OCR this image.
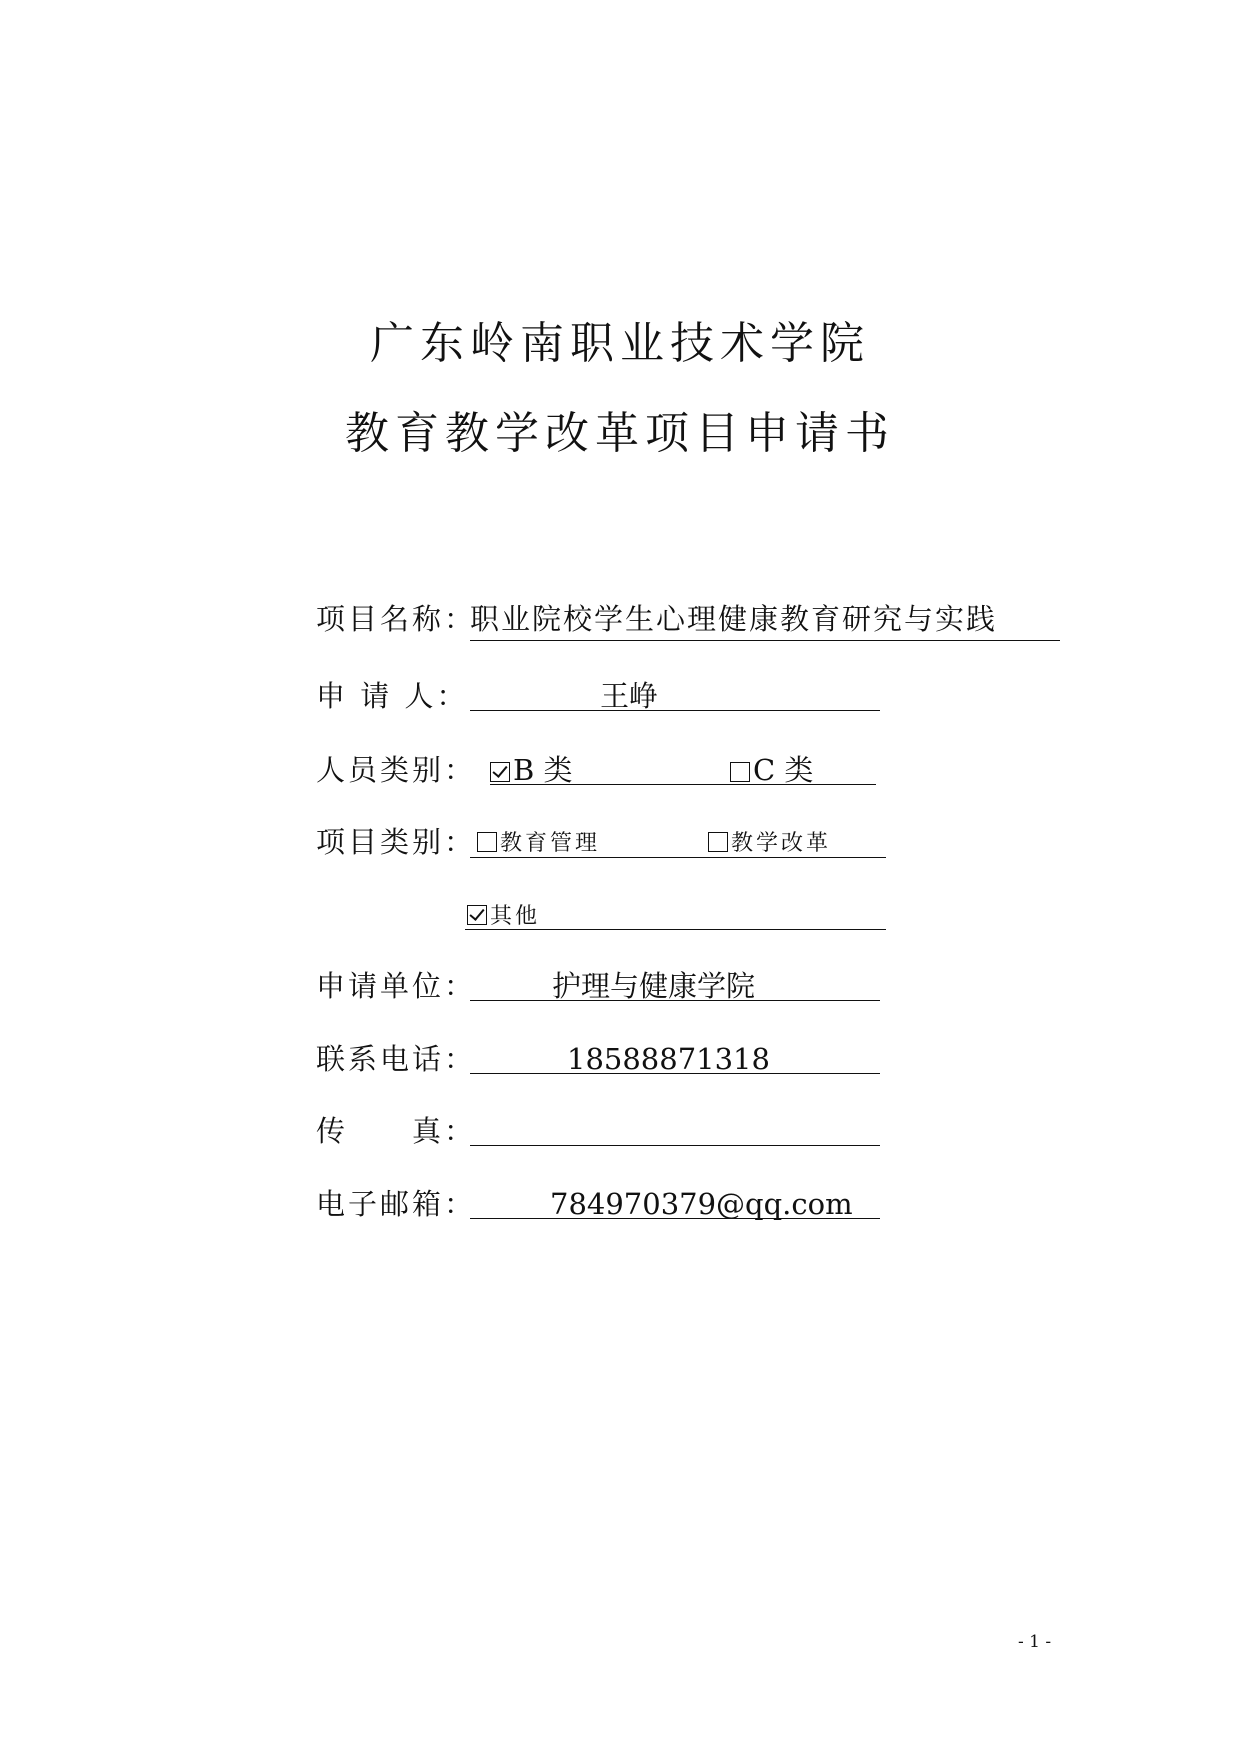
广东岭南职业技术学院
教育教学改革项目申请书
项目名称：
职业院校学生心理健康教育研究与实践
申 请 人：	王峥
人员类别：	B 类	C 类
项目类别：	教育管理	教学改革
其他
申请单位：	护理与健康学院
联系电话：	18588871318
传　　真：
电子邮箱：	784970379@qq.com
- 1 -
